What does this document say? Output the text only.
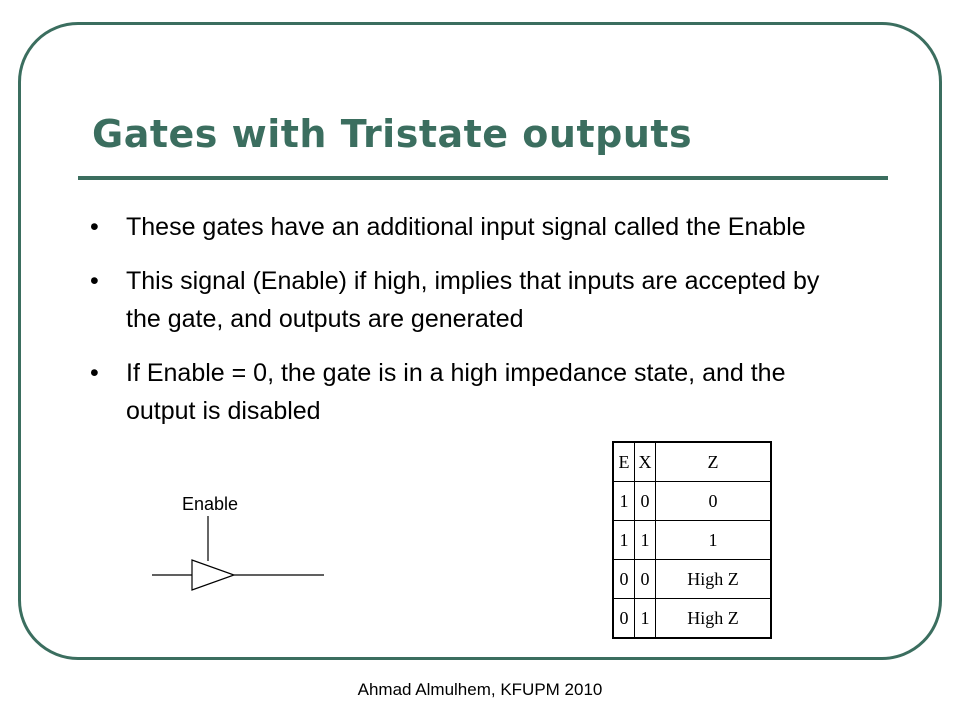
Gates with Tristate outputs
• These gates have an additional input signal called the Enable
• This signal (Enable) if high, implies that inputs are accepted by the gate, and outputs are generated
• If Enable = 0, the gate is in a high impedance state, and the output is disabled
Enable
E	X	Z
1	0	0
1	1	1
0	0	High Z
0	1	High Z
Ahmad Almulhem, KFUPM 2010
